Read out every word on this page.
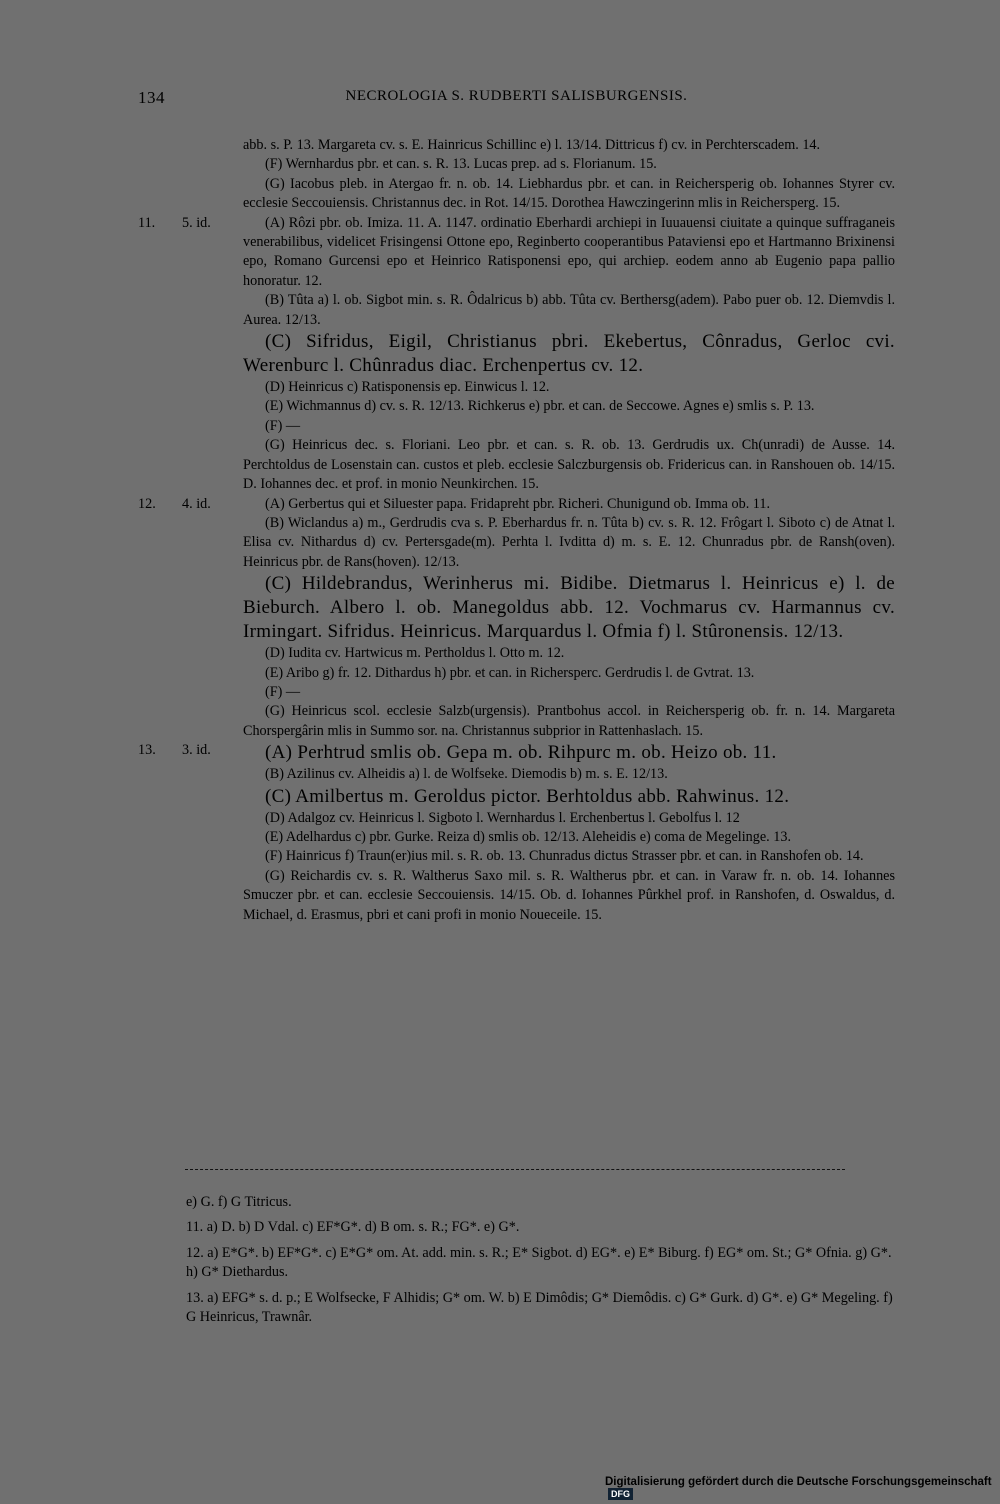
134	NECROLOGIA S. RUDBERTI SALISBURGENSIS.

abb. s. P. 13. Margareta cv. s. E. Hainricus Schillinc e) l. 13/14. Dittricus f) cv. in Perchterscadem. 14.

(F) Wernhardus pbr. et can. s. R. 13. Lucas prep. ad s. Florianum. 15.

(G) Iacobus pleb. in Atergao fr. n. ob. 14. Liebhardus pbr. et can. in Reichersperig ob. Iohannes Styrer cv. ecclesie Seccouiensis. Christannus dec. in Rot. 14/15. Dorothea Hawczingerinn mlis in Reichersperg. 15.

11. 5. id.	(A) Rôzi pbr. ob. Imiza. 11. A. 1147. ordinatio Eberhardi archiepi in Iuuauensi ciuitate a quinque suffraganeis venerabilibus, videlicet Frisingensi Ottone epo, Reginberto cooperantibus Pataviensi epo et Hartmanno Brixinensi epo, Romano Gurcensi epo et Heinrico Ratisponensi epo, qui archiep. eodem anno ab Eugenio papa pallio honoratur. 12.

(B) Tûta a) l. ob. Sigbot min. s. R. Ôdalricus b) abb. Tûta cv. Berthersg(adem). Pabo puer ob. 12. Diemvdis l. Aurea. 12/13.

(C) Sifridus, Eigil, Christianus pbri. Ekebertus, Cônradus, Gerloc cvi. Werenburc l. Chûnradus diac. Erchenpertus cv. 12.

(D) Heinricus c) Ratisponensis ep. Einwicus l. 12.

(E) Wichmannus d) cv. s. R. 12/13. Richkerus e) pbr. et can. de Seccowe. Agnes e) smlis s. P. 13.

(F) —

(G) Heinricus dec. s. Floriani. Leo pbr. et can. s. R. ob. 13. Gerdrudis ux. Ch(unradi) de Ausse. 14. Perchtoldus de Losenstain can. custos et pleb. ecclesie Salczburgensis ob. Fridericus can. in Ranshouen ob. 14/15. D. Iohannes dec. et prof. in monio Neunkirchen. 15.

12. 4. id.	(A) Gerbertus qui et Siluester papa. Fridapreht pbr. Richeri. Chunigund ob. Imma ob. 11.

(B) Wiclandus a) m., Gerdrudis cva s. P. Eberhardus fr. n. Tûta b) cv. s. R. 12. Frôgart l. Siboto c) de Atnat l. Elisa cv. Nithardus d) cv. Pertersgade(m). Perhta l. Ivditta d) m. s. E. 12. Chunradus pbr. de Ransh(oven). Heinricus pbr. de Rans(hoven). 12/13.

(C) Hildebrandus, Werinherus mi. Bidibe. Dietmarus l. Heinricus e) l. de Bieburch. Albero l. ob. Manegoldus abb. 12. Vochmarus cv. Harmannus cv. Irmingart. Sifridus. Heinricus. Marquardus l. Ofmia f) l. Stûronensis. 12/13.

(D) Iudita cv. Hartwicus m. Pertholdus l. Otto m. 12.

(E) Aribo g) fr. 12. Dithardus h) pbr. et can. in Richersperc. Gerdrudis l. de Gvtrat. 13.

(F) —

(G) Heinricus scol. ecclesie Salzb(urgensis). Prantbohus accol. in Reichersperig ob. fr. n. 14. Margareta Chorspergârin mlis in Summo sor. na. Christannus subprior in Rattenhaslach. 15.

13. 3. id.	(A) Perhtrud smlis ob. Gepa m. ob. Rihpurc m. ob. Heizo ob. 11.

(B) Azilinus cv. Alheidis a) l. de Wolfseke. Diemodis b) m. s. E. 12/13.

(C) Amilbertus m. Geroldus pictor. Berhtoldus abb. Rahwinus. 12.

(D) Adalgoz cv. Heinricus l. Sigboto l. Wernhardus l. Erchenbertus l. Gebolfus l. 12

(E) Adelhardus c) pbr. Gurke. Reiza d) smlis ob. 12/13. Aleheidis e) coma de Megelinge. 13.

(F) Hainricus f) Traun(er)ius mil. s. R. ob. 13. Chunradus dictus Strasser pbr. et can. in Ranshofen ob. 14.

(G) Reichardis cv. s. R. Waltherus Saxo mil. s. R. Waltherus pbr. et can. in Varaw fr. n. ob. 14. Iohannes Smuczer pbr. et can. ecclesie Seccouiensis. 14/15. Ob. d. Iohannes Pûrkhel prof. in Ranshofen, d. Oswaldus, d. Michael, d. Erasmus, pbri et cani profi in monio Noueceile. 15.

e) G. f) G Titricus.

11. a) D. b) D Vdal. c) EF*G*. d) B om. s. R.; FG*. e) G*.

12. a) E*G*. b) EF*G*. c) E*G* om. At. add. min. s. R.; E* Sigbot. d) EG*. e) E* Biburg. f) EG* om. St.; G* Ofnia. g) G*. h) G* Diethardus.

13. a) EFG* s. d. p.; E Wolfsecke, F Alhidis; G* om. W. b) E Dimôdis; G* Diemôdis. c) G* Gurk. d) G*. e) G* Megeling. f) G Heinricus, Trawnâr.

Digitalisierung gefördert durch die Deutsche Forschungsgemeinschaft DFG
